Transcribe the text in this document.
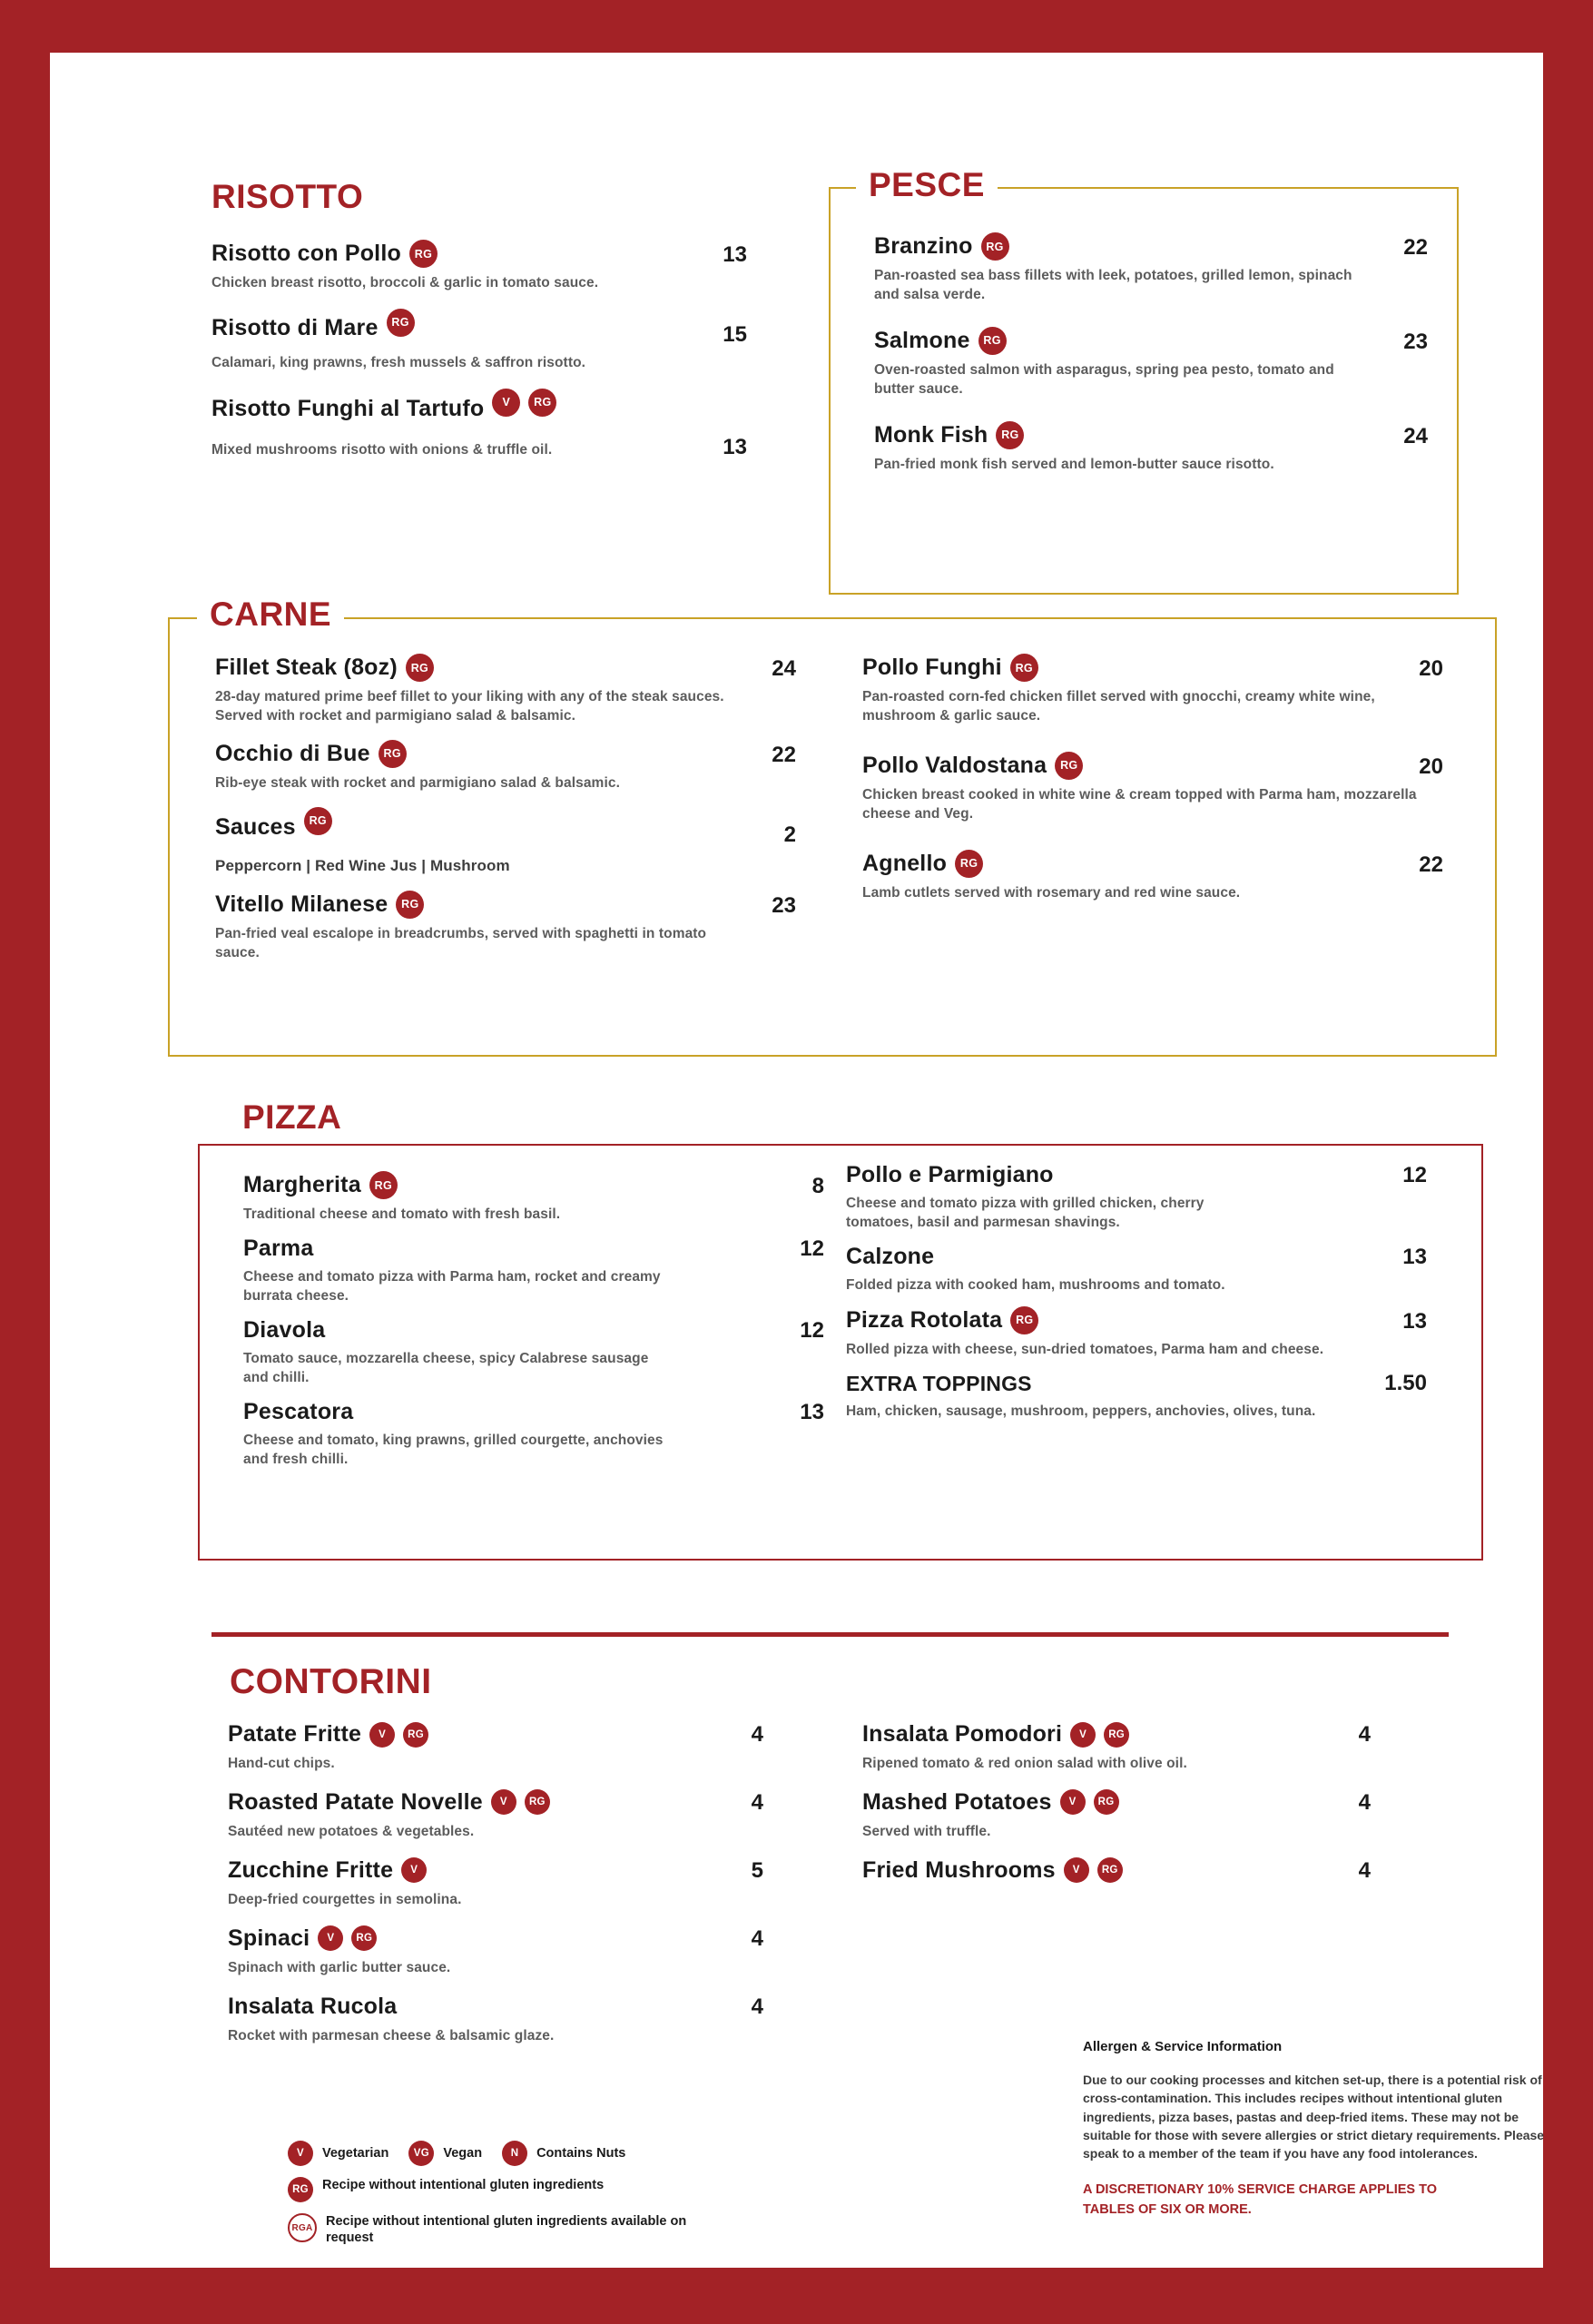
RISOTTO
Risotto con Pollo	RG	13
Chicken breast risotto, broccoli & garlic in tomato sauce.
Risotto di Mare	RG	15
Calamari, king prawns, fresh mussels & saffron risotto.
Risotto Funghi al Tartufo	V	RG
Mixed mushrooms risotto with onions & truffle oil.	13
PESCE
Branzino	RG	22
Pan-roasted sea bass fillets with leek, potatoes, grilled lemon, spinach and salsa verde.
Salmone	RG	23
Oven-roasted salmon with asparagus, spring pea pesto, tomato and butter sauce.
Monk Fish	RG	24
Pan-fried monk fish served and lemon-butter sauce risotto.
CARNE
Fillet Steak (8oz)	RG	24
28-day matured prime beef fillet to your liking with any of the steak sauces. Served with rocket and parmigiano salad & balsamic.
Occhio di Bue	RG	22
Rib-eye steak with rocket and parmigiano salad & balsamic.
Sauces	RG
2
Peppercorn | Red Wine Jus | Mushroom
Vitello Milanese	RG	23
Pan-fried veal escalope in breadcrumbs, served with spaghetti in tomato sauce.
Pollo Funghi	RG	20
Pan-roasted corn-fed chicken fillet served with gnocchi, creamy white wine, mushroom & garlic sauce.
Pollo Valdostana	RG	20
Chicken breast cooked in white wine & cream topped with Parma ham, mozzarella cheese and Veg.
Agnello	RG	22
Lamb cutlets served with rosemary and red wine sauce.
PIZZA
Margherita	RG	8
Traditional cheese and tomato with fresh basil.
Parma	12
Cheese and tomato pizza with Parma ham, rocket and creamy burrata cheese.
Diavola	12
Tomato sauce, mozzarella cheese, spicy Calabrese sausage and chilli.
Pescatora	13
Cheese and tomato, king prawns, grilled courgette, anchovies and fresh chilli.
Pollo e Parmigiano	12
Cheese and tomato pizza with grilled chicken, cherry tomatoes, basil and parmesan shavings.
Calzone	13
Folded pizza with cooked ham, mushrooms and tomato.
Pizza Rotolata	RG	13
Rolled pizza with cheese, sun-dried tomatoes, Parma ham and cheese.
EXTRA TOPPINGS	1.50
Ham, chicken, sausage, mushroom, peppers, anchovies, olives, tuna.
CONTORINI
Patate Fritte	V	RG	4
Hand-cut chips.
Roasted Patate Novelle	V	RG	4
Sautéed new potatoes & vegetables.
Zucchine Fritte	V	5
Deep-fried courgettes in semolina.
Spinaci	V	RG	4
Spinach with garlic butter sauce.
Insalata Rucola	4
Rocket with parmesan cheese & balsamic glaze.
Insalata Pomodori	V	RG	4
Ripened tomato & red onion salad with olive oil.
Mashed Potatoes	V	RG	4
Served with truffle.
Fried Mushrooms	V	RG	4
V	Vegetarian	VG	Vegan	N	Contains Nuts
RG	Recipe without intentional gluten ingredients
RGA Recipe without intentional gluten ingredients available on request
Allergen & Service Information
Due to our cooking processes and kitchen set-up, there is a potential risk of cross-contamination. This includes recipes without intentional gluten ingredients, pizza bases, pastas and deep-fried items. These may not be suitable for those with severe allergies or strict dietary requirements. Please speak to a member of the team if you have any food intolerances.
A DISCRETIONARY 10% SERVICE CHARGE APPLIES TO TABLES OF SIX OR MORE.
